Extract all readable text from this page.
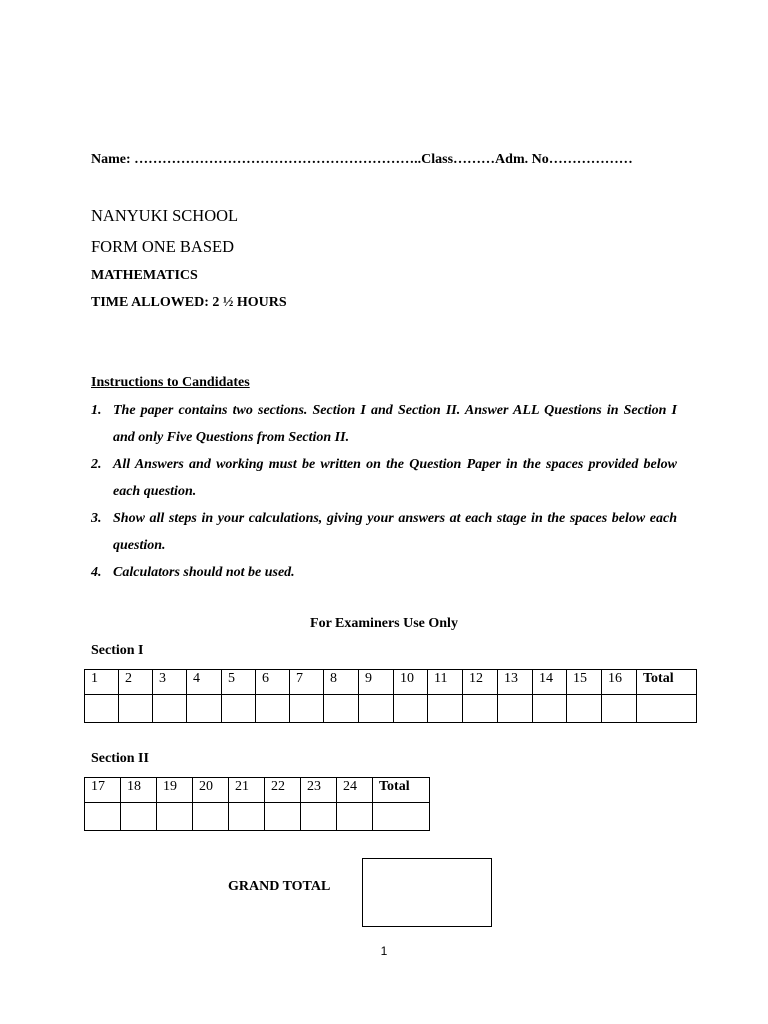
Name: ……………………………………………………..Class………Adm. No………………
NANYUKI SCHOOL
FORM ONE BASED
MATHEMATICS
TIME ALLOWED: 2 ½ HOURS
Instructions to Candidates
1. The paper contains two sections. Section I and Section II. Answer ALL Questions in Section I and only Five Questions from Section II.
2. All Answers and working must be written on the Question Paper in the spaces provided below each question.
3. Show all steps in your calculations, giving your answers at each stage in the spaces below each question.
4. Calculators should not be used.
For Examiners Use Only
Section I
1	2	3	4	5	6	7	8	9	10	11	12	13	14	15	16	Total

Section II
17	18	19	20	21	22	23	24	Total

GRAND TOTAL
1
